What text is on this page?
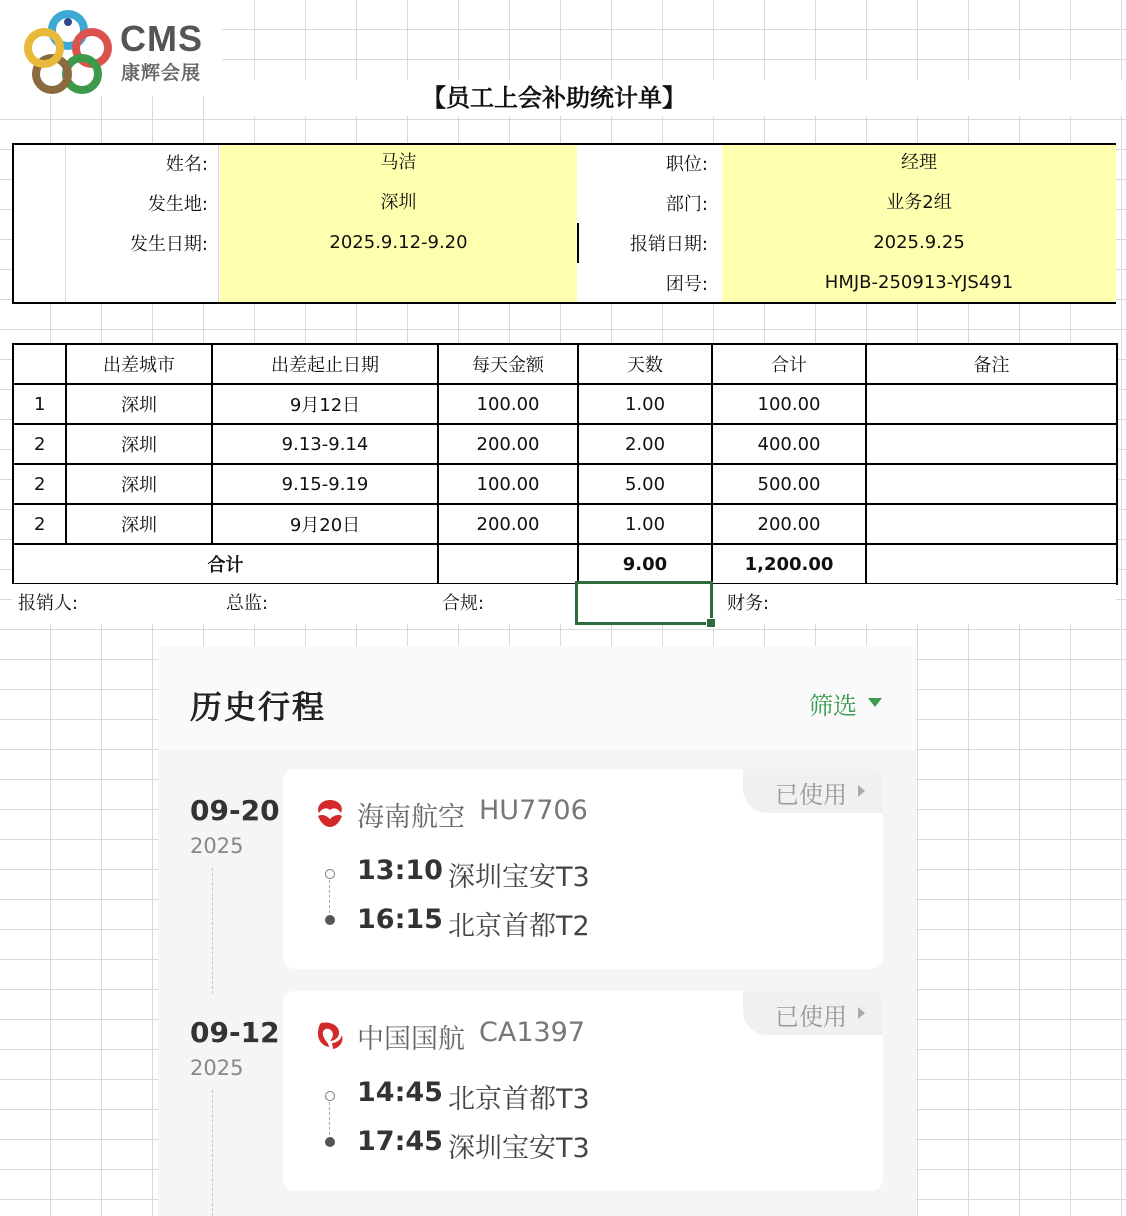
CMS
康辉会展
【员工上会补助统计单】
姓名:	马洁	职位:	经理
发生地:	深圳	部门:	业务2组
发生日期:	2025.9.12-9.20	报销日期:	2025.9.25
团号:	HMJB-250913-YJS491
	出差城市	出差起止日期	每天金额	天数	合计	备注
1	深圳	9月12日	100.00	1.00	100.00	
2	深圳	9.13-9.14	200.00	2.00	400.00	
2	深圳	9.15-9.19	100.00	5.00	500.00	
2	深圳	9月20日	200.00	1.00	200.00	
合计				9.00	1,200.00	
报销人:	总监:	合规:	财务:
历史行程	筛选
09-20
2025
已使用
海南航空 HU7706
13:10 深圳宝安T3
16:15 北京首都T2
09-12
2025
已使用
中国国航 CA1397
14:45 北京首都T3
17:45 深圳宝安T3
